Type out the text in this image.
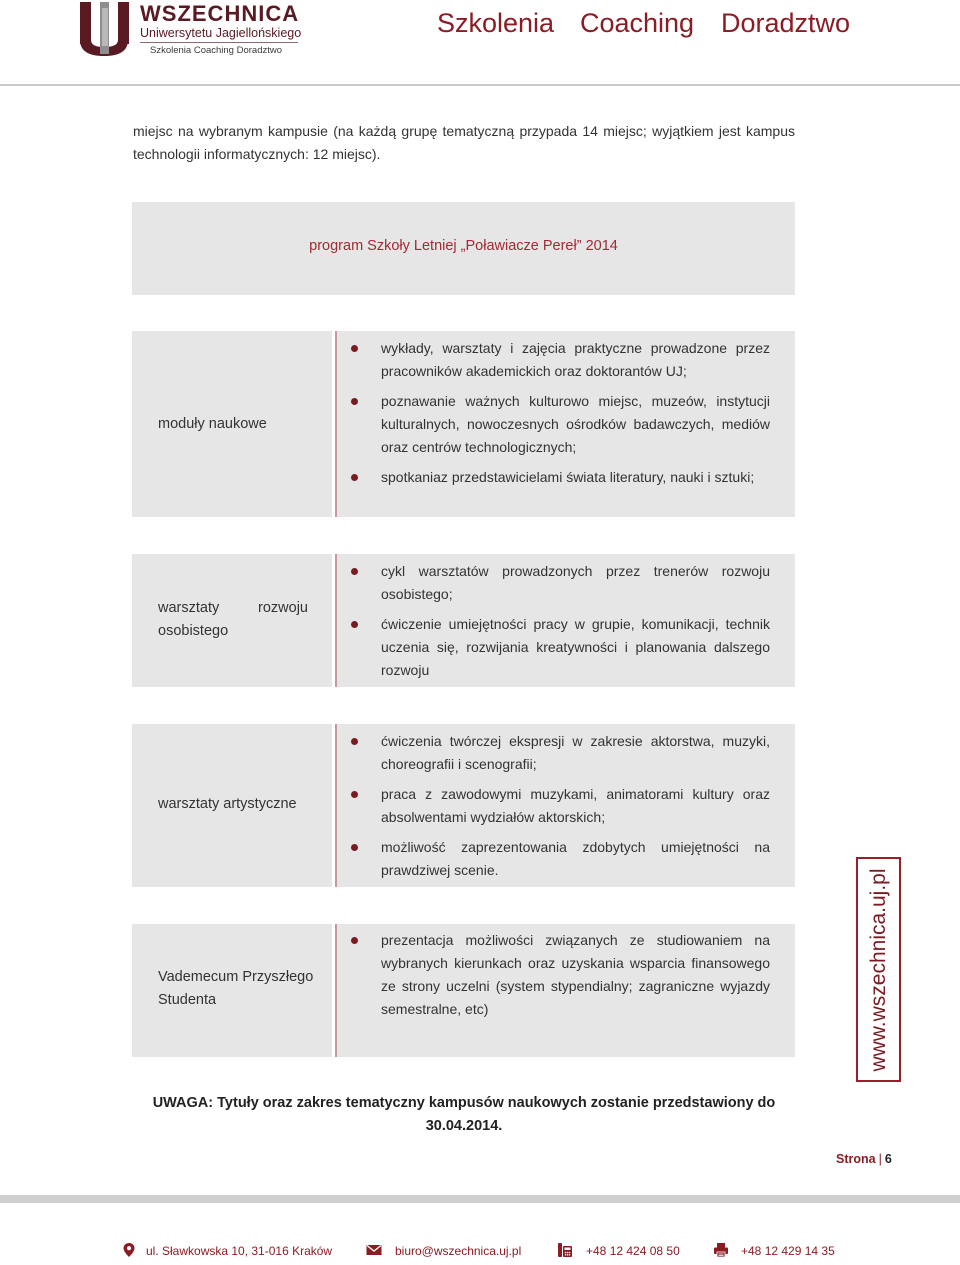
WSZECHNICA
Uniwersytetu Jagiellońskiego
Szkolenia Coaching Doradztwo
Szkolenia Coaching Doradztwo

miejsc na wybranym kampusie (na każdą grupę tematyczną przypada 14 miejsc; wyjątkiem jest kampus technologii informatycznych: 12 miejsc).

program Szkoły Letniej „Poławiacze Pereł” 2014
moduły naukowe
wykłady, warsztaty i zajęcia praktyczne prowadzone przez pracowników akademickich oraz doktorantów UJ;
poznawanie ważnych kulturowo miejsc, muzeów, instytucji kulturalnych, nowoczesnych ośrodków badawczych, mediów oraz centrów technologicznych;
spotkaniaz przedstawicielami świata literatury, nauki i sztuki;
warsztaty rozwoju osobistego
cykl warsztatów prowadzonych przez trenerów rozwoju osobistego;
ćwiczenie umiejętności pracy w grupie, komunikacji, technik uczenia się, rozwijania kreatywności i planowania dalszego rozwoju
warsztaty artystyczne
ćwiczenia twórczej ekspresji w zakresie aktorstwa, muzyki, choreografii i scenografii;
praca z zawodowymi muzykami, animatorami kultury oraz absolwentami wydziałów aktorskich;
możliwość zaprezentowania zdobytych umiejętności na prawdziwej scenie.
Vademecum Przyszłego Studenta
prezentacja możliwości związanych ze studiowaniem na wybranych kierunkach oraz uzyskania wsparcia finansowego ze strony uczelni (system stypendialny; zagraniczne wyjazdy semestralne, etc)	www.wszechnica.uj.pl

UWAGA: Tytuły oraz zakres tematyczny kampusów naukowych zostanie przedstawiony do 30.04.2014.

Strona | 6
ul. Sławkowska 10, 31-016 Kraków	biuro@wszechnica.uj.pl	+48 12 424 08 50	+48 12 429 14 35
